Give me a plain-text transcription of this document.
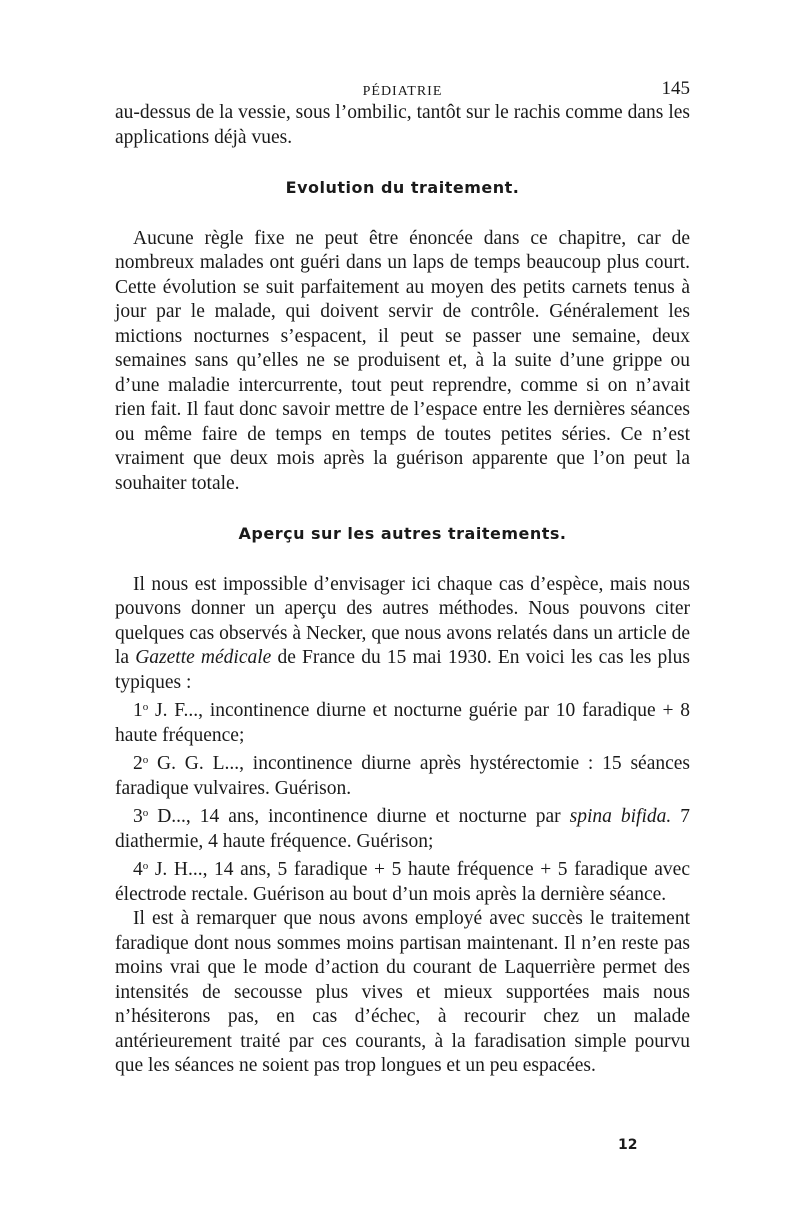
PÉDIATRIE	145

au-dessus de la vessie, sous l’ombilic, tantôt sur le rachis comme dans les applications déjà vues.

Evolution du traitement.

Aucune règle fixe ne peut être énoncée dans ce chapitre, car de nombreux malades ont guéri dans un laps de temps beaucoup plus court. Cette évolution se suit parfaitement au moyen des petits carnets tenus à jour par le malade, qui doivent servir de contrôle. Généralement les mictions nocturnes s’espacent, il peut se passer une semaine, deux semaines sans qu’elles ne se produisent et, à la suite d’une grippe ou d’une maladie intercurrente, tout peut reprendre, comme si on n’avait rien fait. Il faut donc savoir mettre de l’espace entre les dernières séances ou même faire de temps en temps de toutes petites séries. Ce n’est vraiment que deux mois après la guérison apparente que l’on peut la souhaiter totale.

Aperçu sur les autres traitements.

Il nous est impossible d’envisager ici chaque cas d’espèce, mais nous pouvons donner un aperçu des autres méthodes. Nous pouvons citer quelques cas observés à Necker, que nous avons relatés dans un article de la Gazette médicale de France du 15 mai 1930. En voici les cas les plus typiques :

1$^o$ J. F..., incontinence diurne et nocturne guérie par 10 faradique + 8 haute fréquence;

2$^o$ G. G. L..., incontinence diurne après hystérectomie : 15 séances faradique vulvaires. Guérison.

3$^o$ D..., 14 ans, incontinence diurne et nocturne par spina bifida. 7 diathermie, 4 haute fréquence. Guérison;

4$^o$ J. H..., 14 ans, 5 faradique + 5 haute fréquence + 5 faradique avec électrode rectale. Guérison au bout d’un mois après la dernière séance.

Il est à remarquer que nous avons employé avec succès le traitement faradique dont nous sommes moins partisan maintenant. Il n’en reste pas moins vrai que le mode d’action du courant de Laquerrière permet des intensités de secousse plus vives et mieux supportées mais nous n’hésiterons pas, en cas d’échec, à recourir chez un malade antérieurement traité par ces courants, à la faradisation simple pourvu que les séances ne soient pas trop longues et un peu espacées.

12
